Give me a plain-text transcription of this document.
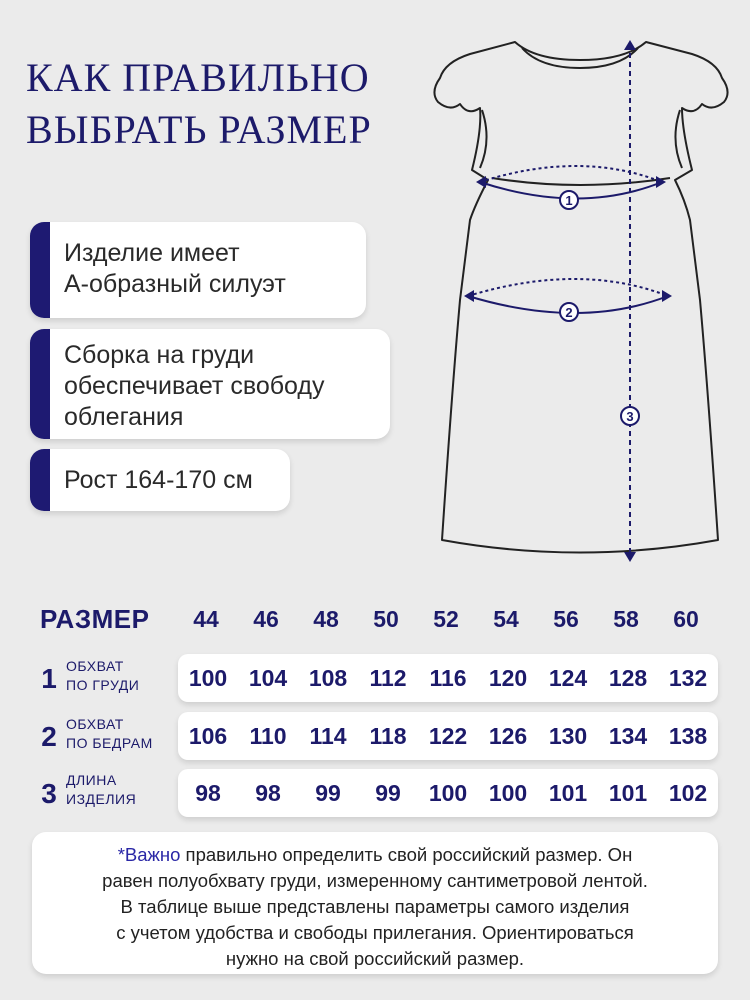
КАК ПРАВИЛЬНО
ВЫБРАТЬ РАЗМЕР
Изделие имеет
А-образный силуэт
Сборка на груди
обеспечивает свободу
облегания
Рост 164-170 см
1
2
3
РАЗМЕР	44	46	48	50	52	54	56	58	60
1 ОБХВАТ
ПО ГРУДИ	100 104 108 112 116 120 124 128 132
2 ОБХВАТ
ПО БЕДРАМ	106 110 114 118 122 126 130 134 138
3 ДЛИНА
ИЗДЕЛИЯ	98	98	99	99	100 100 101 101 102
*Важно правильно определить свой российский размер. Он
равен полуобхвату груди, измеренному сантиметровой лентой.
В таблице выше представлены параметры самого изделия
с учетом удобства и свободы прилегания. Ориентироваться
нужно на свой российский размер.
